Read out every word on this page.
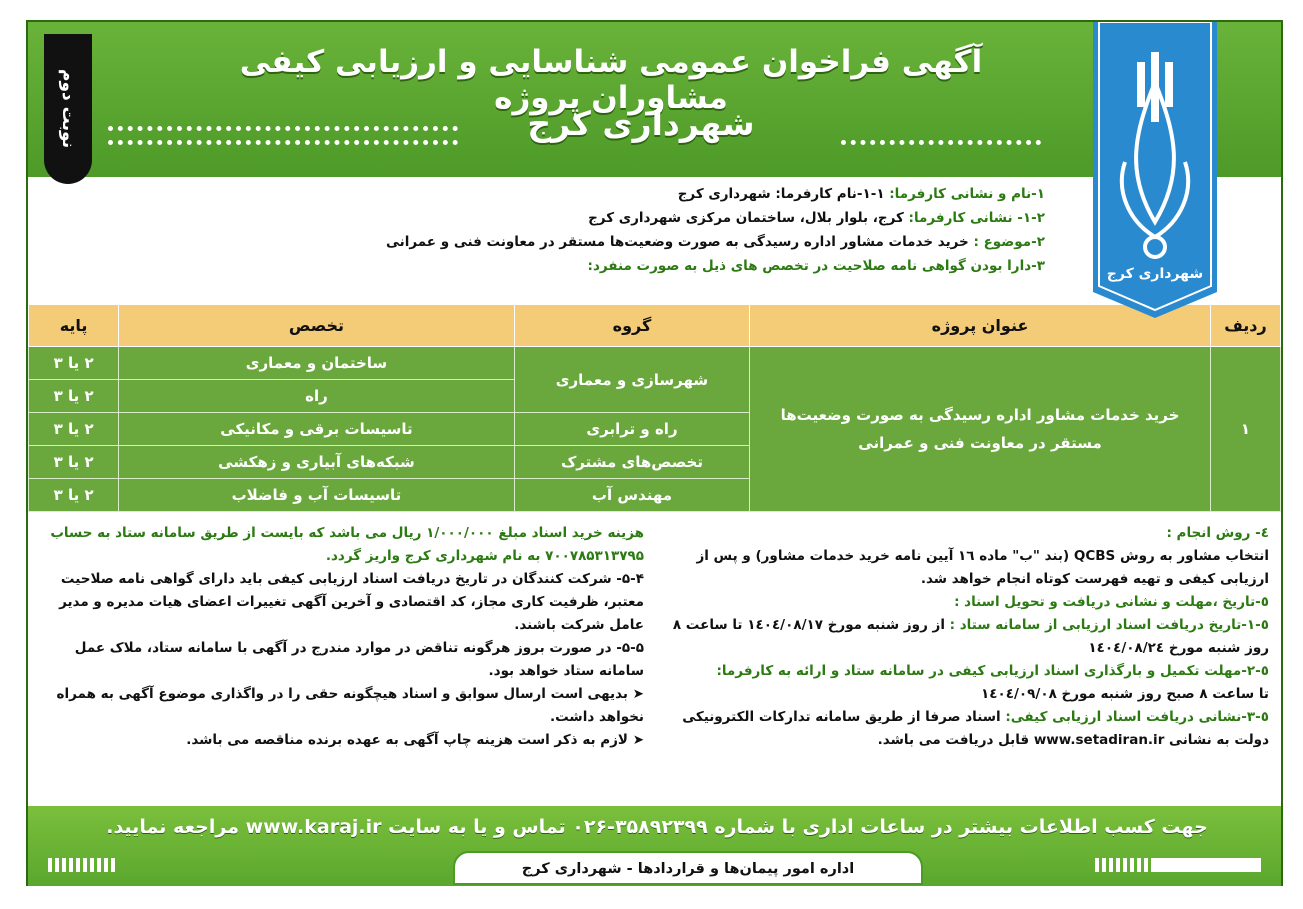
نوبت دوم
آگهی فراخوان عمومی شناسایی و ارزیابی کیفی مشاوران پروژه
شهرداری کرج
شهرداری کرج
۱-نام و نشانی کارفرما: ۱-۱-نام کارفرما: شهرداری کرج
۱-۲- نشانی کارفرما: کرج، بلوار بلال، ساختمان مرکزی شهرداری کرج
۲-موضوع : خرید خدمات مشاور اداره رسیدگی به صورت وضعیت‌ها مستقر در معاونت فنی و عمرانی
۳-دارا بودن گواهی نامه صلاحیت در تخصص های ذیل به صورت منفرد:
ردیف	عنوان پروژه	گروه	تخصص	پایه
۱	خرید خدمات مشاور اداره رسیدگی به صورت وضعیت‌ها مستقر در معاونت فنی و عمرانی	شهرسازی و معماری	ساختمان و معماری	۲ یا ۳
			راه	۲ یا ۳
		راه و ترابری	تاسیسات برقی و مکانیکی	۲ یا ۳
		تخصص‌های مشترک	شبکه‌های آبیاری و زهکشی	۲ یا ۳
		مهندس آب	تاسیسات آب و فاضلاب	۲ یا ۳
٤- روش انجام :
انتخاب مشاور به روش QCBS (بند "ب" ماده ١٦ آیین نامه خرید خدمات مشاور) و پس از ارزیابی کیفی و تهیه فهرست کوتاه انجام خواهد شد.
٥-تاریخ ،مهلت و نشانی دریافت و تحویل اسناد :
٥-١-تاریخ دریافت اسناد ارزیابی از سامانه ستاد : از روز شنبه مورخ ١٤٠٤/٠٨/١٧ تا ساعت ۸ روز شنبه مورخ ١٤٠٤/٠٨/٢٤
٥-٢-مهلت تکمیل و بارگذاری اسناد ارزیابی کیفی در سامانه ستاد و ارائه به کارفرما:
تا ساعت ۸ صبح روز شنبه مورخ ١٤٠٤/٠٩/٠٨
٥-٣-نشانی دریافت اسناد ارزیابی کیفی: اسناد صرفا از طریق سامانه تدارکات الکترونیکی دولت به نشانی www.setadiran.ir قابل دریافت می باشد.
هزینه خرید اسناد مبلغ ۱/۰۰۰/۰۰۰ ریال می باشد که بایست از طریق سامانه ستاد به حساب ۷۰۰۷۸۵۳۱۳۷۹۵ به نام شهرداری کرج واریز گردد.
۵-۴- شرکت کنندگان در تاریخ دریافت اسناد ارزیابی کیفی باید دارای گواهی نامه صلاحیت معتبر، ظرفیت کاری مجاز، کد اقتصادی و آخرین آگهی تغییرات اعضای هیات مدیره و مدیر عامل شرکت باشند.
۵-۵- در صورت بروز هرگونه تناقض در موارد مندرج در آگهی با سامانه ستاد، ملاک عمل سامانه ستاد خواهد بود.
➤ بدیهی است ارسال سوابق و اسناد هیچگونه حقی را در واگذاری موضوع آگهی به همراه نخواهد داشت.
➤ لازم به ذکر است هزینه چاپ آگهی به عهده برنده مناقصه می باشد.
جهت کسب اطلاعات بیشتر در ساعات اداری با شماره ۳۵۸۹۲۳۹۹-۰۲۶ تماس و یا به سایت www.karaj.ir مراجعه نمایید.
اداره امور پیمان‌ها و قراردادها - شهرداری کرج
